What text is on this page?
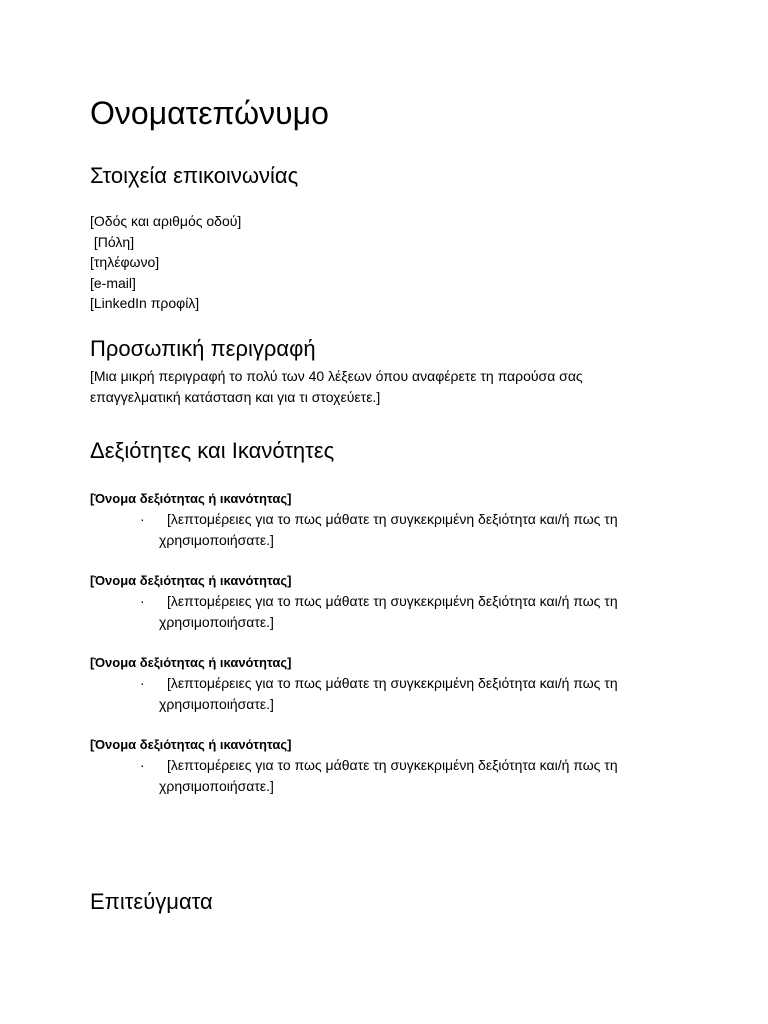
Ονοματεπώνυμο
Στοιχεία επικοινωνίας
[Οδός και αριθμός οδού]
[Πόλη]
[τηλέφωνο]
[e-mail]
[LinkedIn προφίλ]
Προσωπική περιγραφή
[Μια μικρή περιγραφή το πολύ των 40 λέξεων όπου αναφέρετε τη παρούσα σας επαγγελματική κατάσταση και για τι στοχεύετε.]
Δεξιότητες και Ικανότητες
[Όνομα δεξιότητας ή ικανότητας]
·	[λεπτομέρειες για το πως μάθατε τη συγκεκριμένη δεξιότητα και/ή πως τη χρησιμοποιήσατε.]
[Όνομα δεξιότητας ή ικανότητας]
·	[λεπτομέρειες για το πως μάθατε τη συγκεκριμένη δεξιότητα και/ή πως τη χρησιμοποιήσατε.]
[Όνομα δεξιότητας ή ικανότητας]
·	[λεπτομέρειες για το πως μάθατε τη συγκεκριμένη δεξιότητα και/ή πως τη χρησιμοποιήσατε.]
[Όνομα δεξιότητας ή ικανότητας]
·	[λεπτομέρειες για το πως μάθατε τη συγκεκριμένη δεξιότητα και/ή πως τη χρησιμοποιήσατε.]
Επιτεύγματα
